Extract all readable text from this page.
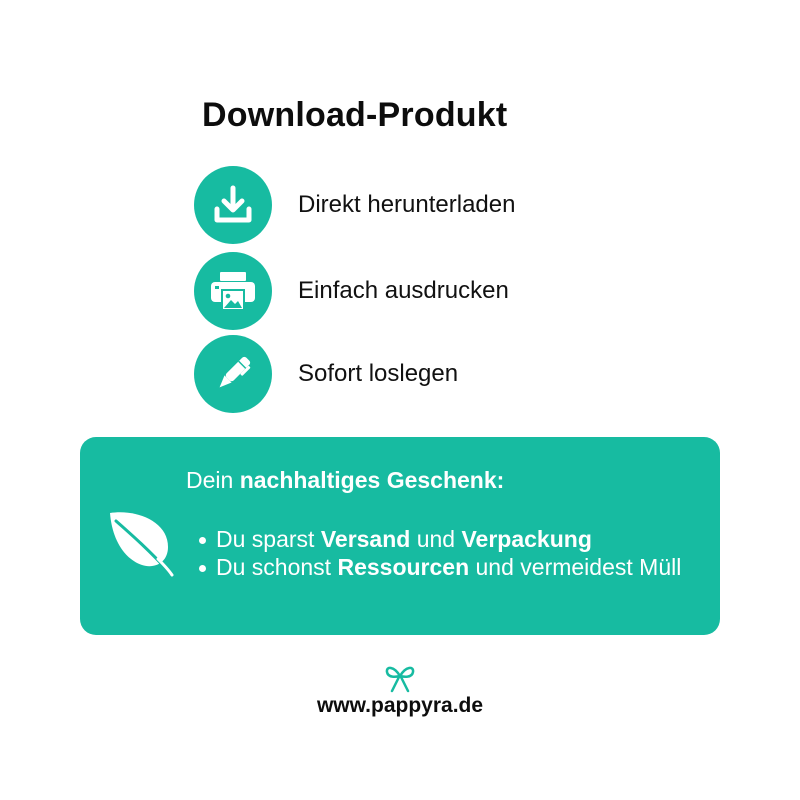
Download-Produkt
Direkt herunterladen
Einfach ausdrucken
Sofort loslegen
Dein nachhaltiges Geschenk:
Du sparst Versand und Verpackung
Du schonst Ressourcen und vermeidest Müll
www.pappyra.de
